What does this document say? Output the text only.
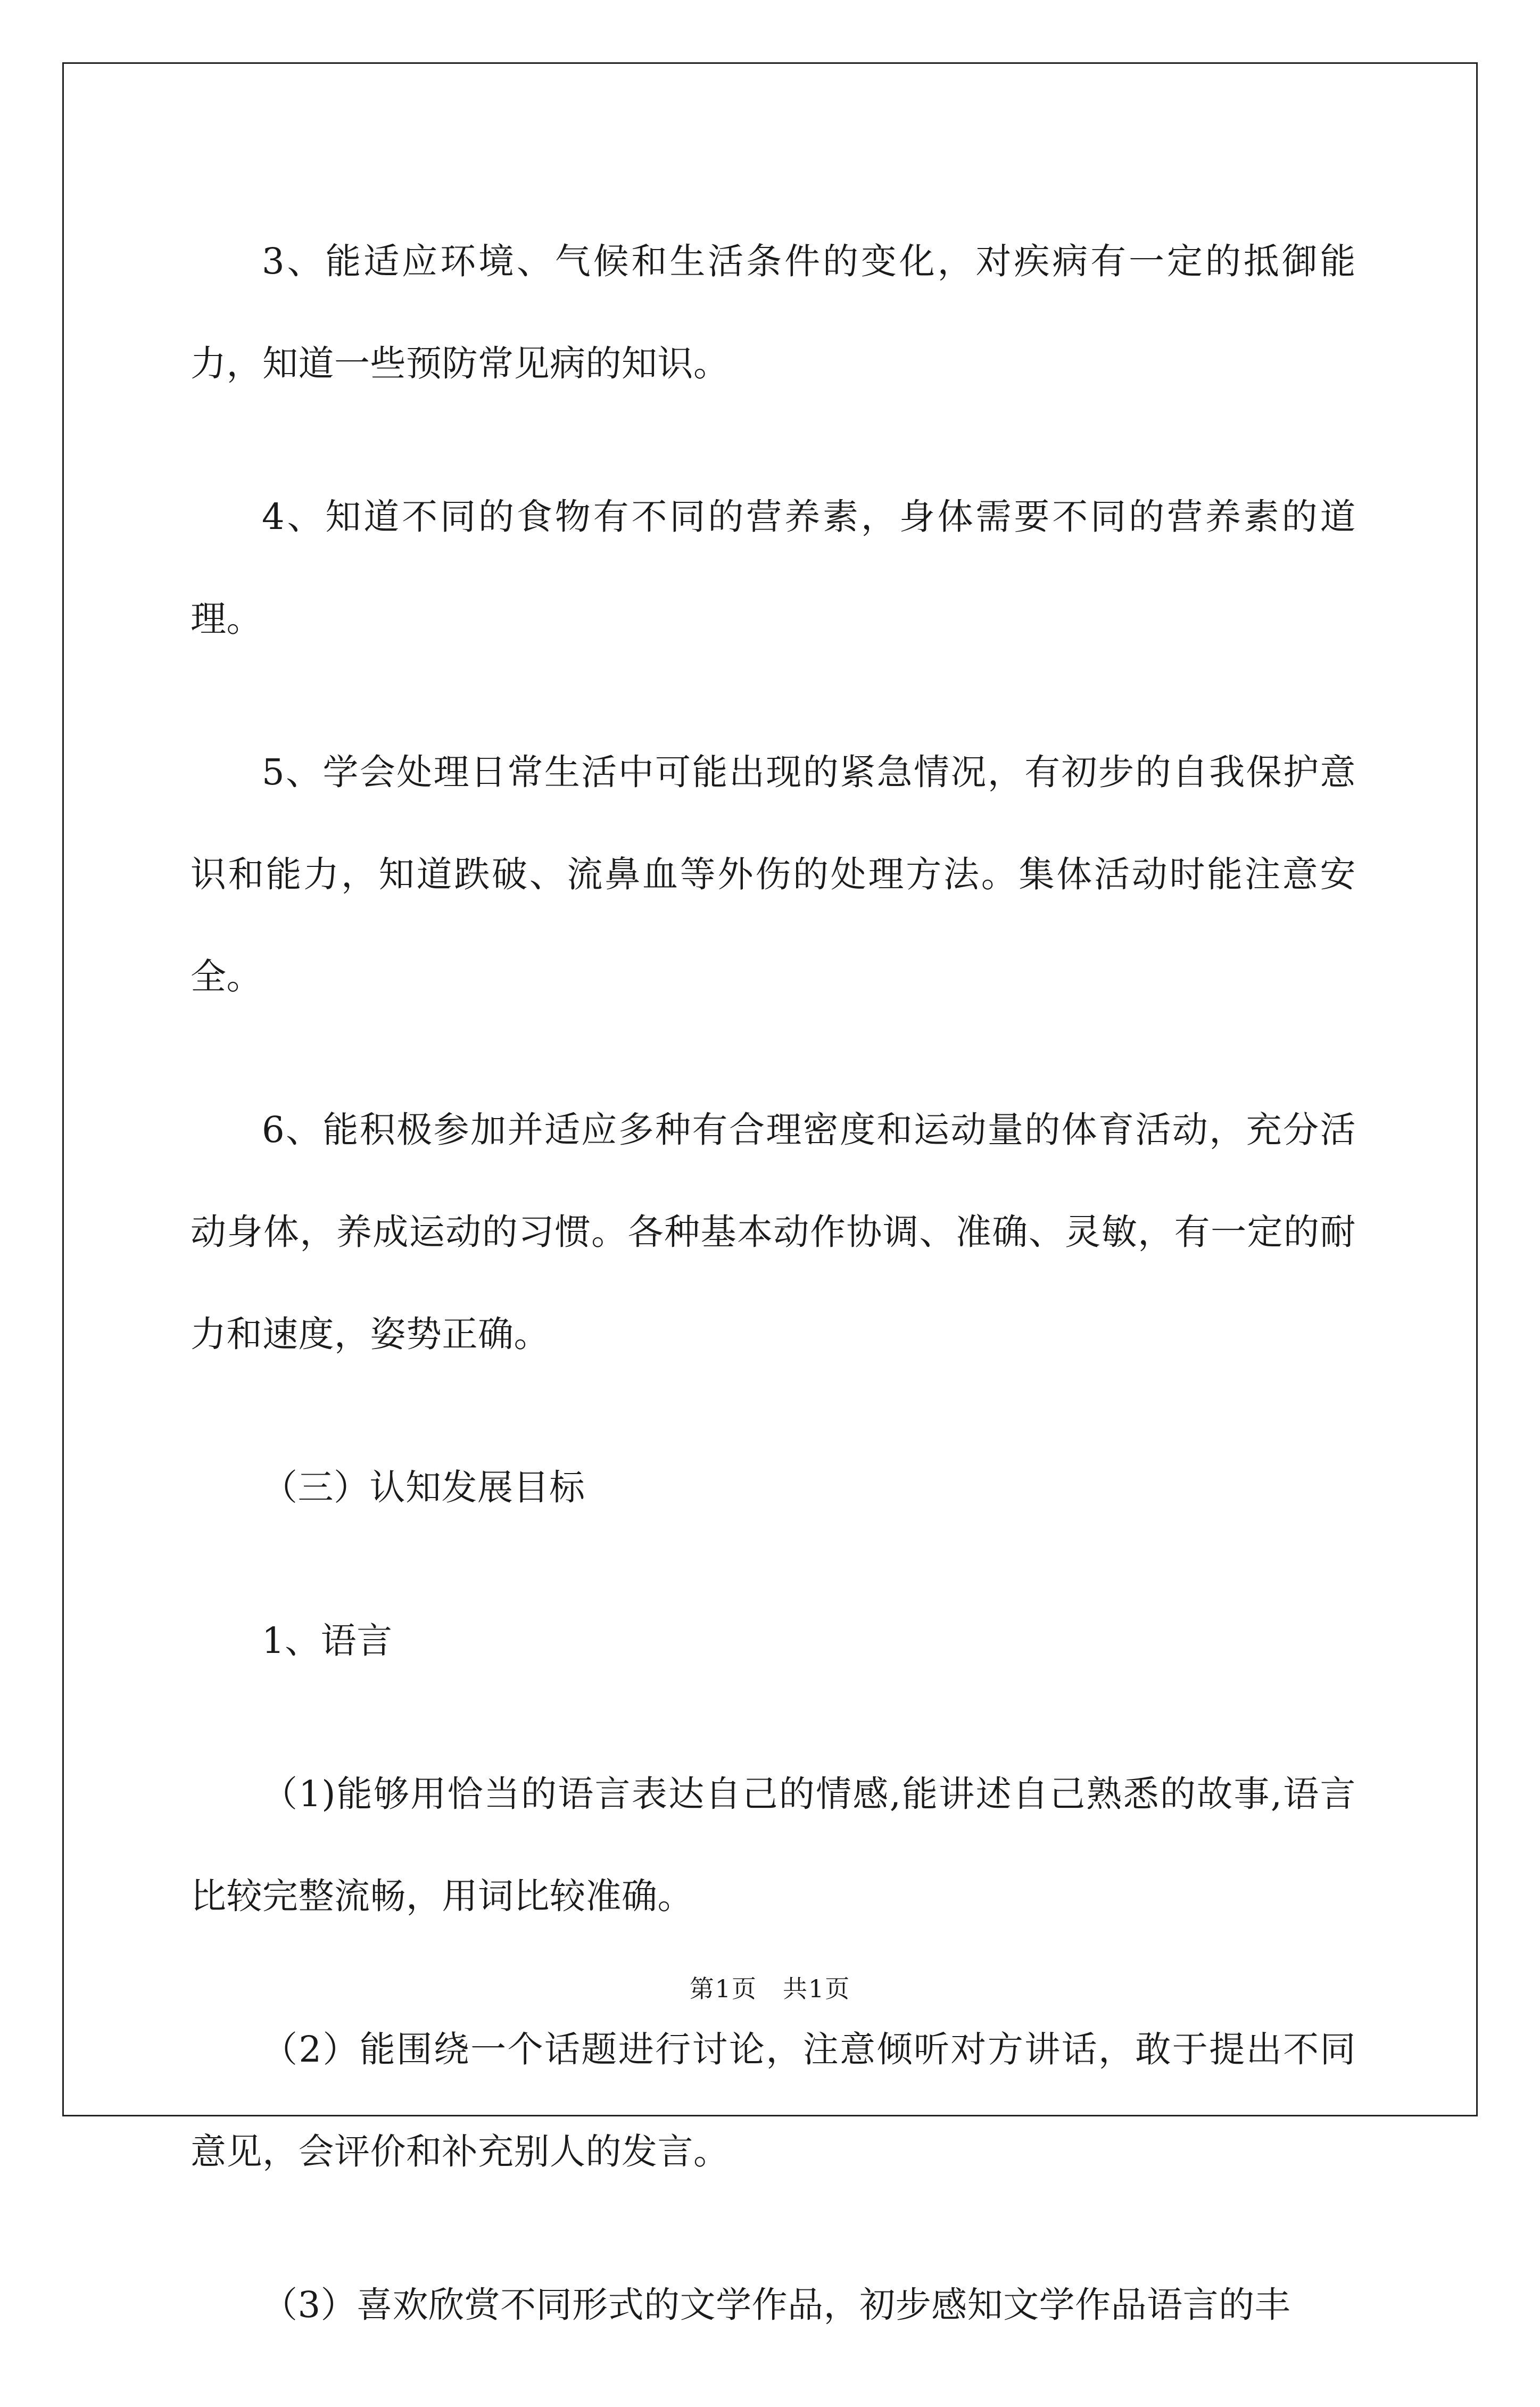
3、能适应环境、气候和生活条件的变化，对疾病有一定的抵御能力，知道一些预防常见病的知识。

4、知道不同的食物有不同的营养素，身体需要不同的营养素的道理。

5、学会处理日常生活中可能出现的紧急情况，有初步的自我保护意识和能力，知道跌破、流鼻血等外伤的处理方法。集体活动时能注意安全。

6、能积极参加并适应多种有合理密度和运动量的体育活动，充分活动身体，养成运动的习惯。各种基本动作协调、准确、灵敏，有一定的耐力和速度，姿势正确。

（三）认知发展目标

1、语言

（1)能够用恰当的语言表达自己的情感,能讲述自己熟悉的故事,语言比较完整流畅，用词比较准确。

（2）能围绕一个话题进行讨论，注意倾听对方讲话，敢于提出不同意见，会评价和补充别人的发言。

（3）喜欢欣赏不同形式的文学作品，初步感知文学作品语言的丰

第1页　共1页
